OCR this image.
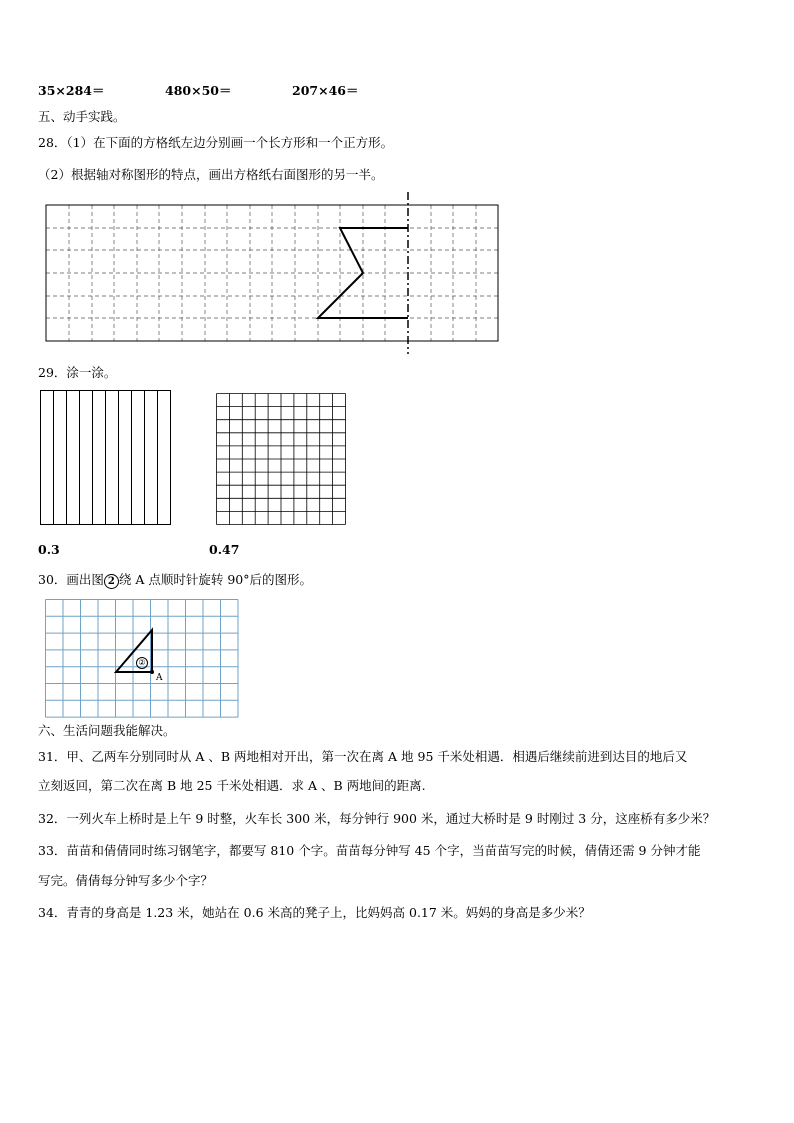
35×284＝	480×50＝	207×46＝
五、动手实践。
28．（1）在下面的方格纸左边分别画一个长方形和一个正方形。
（2）根据轴对称图形的特点，画出方格纸右面图形的另一半。
29．涂一涂。
0.3	0.47
30．画出图 2 绕 A 点顺时针旋转 90°后的图形。
②
A
六、生活问题我能解决。
31．甲、乙两车分别同时从 A 、B 两地相对开出，第一次在离 A 地 95 千米处相遇．相遇后继续前进到达目的地后又
立刻返回，第二次在离 B 地 25 千米处相遇．求 A 、B 两地间的距离.
32．一列火车上桥时是上午 9 时整，火车长 300 米，每分钟行 900 米，通过大桥时是 9 时刚过 3 分，这座桥有多少米？
33．苗苗和倩倩同时练习钢笔字，都要写 810 个字。苗苗每分钟写 45 个字，当苗苗写完的时候，倩倩还需 9 分钟才能
写完。倩倩每分钟写多少个字？
34．青青的身高是 1.23 米，她站在 0.6 米高的凳子上，比妈妈高 0.17 米。妈妈的身高是多少米？
